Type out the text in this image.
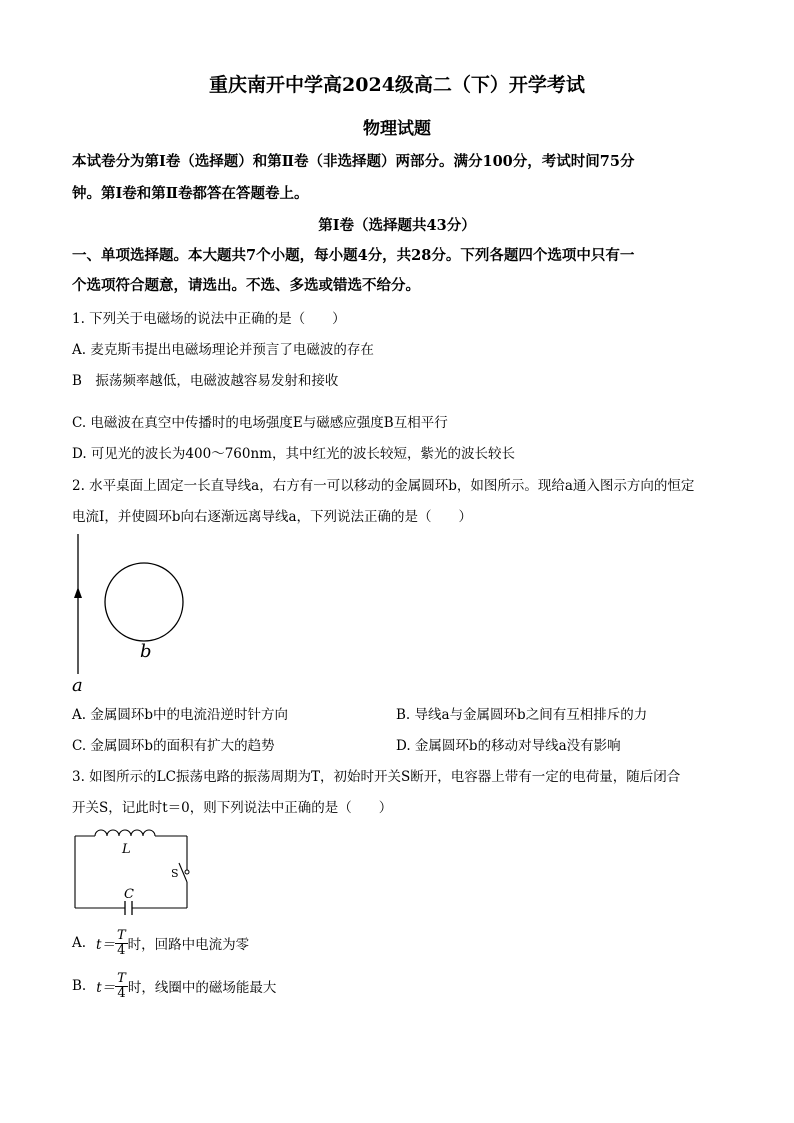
重庆南开中学高2024级高二（下）开学考试
物理试题
本试卷分为第Ⅰ卷（选择题）和第Ⅱ卷（非选择题）两部分。满分100分，考试时间75分
钟。第Ⅰ卷和第Ⅱ卷都答在答题卷上。
第Ⅰ卷（选择题共43分）
一、单项选择题。本大题共7个小题，每小题4分，共28分。下列各题四个选项中只有一
个选项符合题意，请选出。不选、多选或错选不给分。
1. 下列关于电磁场的说法中正确的是（　　）
A. 麦克斯韦提出电磁场理论并预言了电磁波的存在
B　振荡频率越低，电磁波越容易发射和接收
C. 电磁波在真空中传播时的电场强度E与磁感应强度B互相平行
D. 可见光的波长为400～760nm，其中红光的波长较短，紫光的波长较长
2. 水平桌面上固定一长直导线a，右方有一可以移动的金属圆环b，如图所示。现给a通入图示方向的恒定
电流I，并使圆环b向右逐渐远离导线a，下列说法正确的是（　　）
b
a
A. 金属圆环b中的电流沿逆时针方向	B. 导线a与金属圆环b之间有互相排斥的力
C. 金属圆环b的面积有扩大的趋势	D. 金属圆环b的移动对导线a没有影响
3. 如图所示的LC振荡电路的振荡周期为T，初始时开关S断开，电容器上带有一定的电荷量，随后闭合
开关S，记此时t＝0，则下列说法中正确的是（　　）
L
C
S
A. $t= \frac{T}{4}$ 时，回路中电流为零
B. $t= \frac{T}{4}$ 时，线圈中的磁场能最大
